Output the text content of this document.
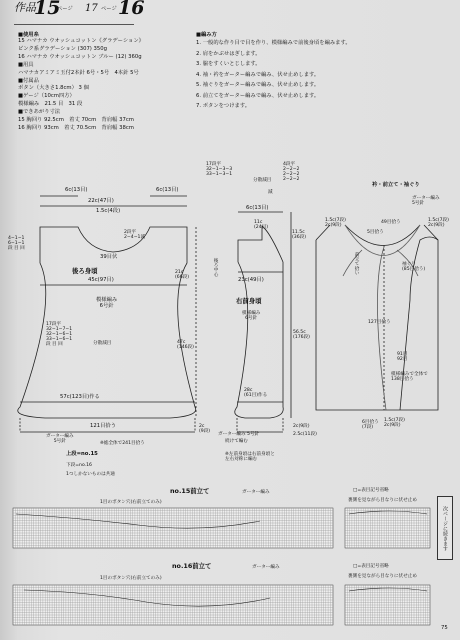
作品
15
ページ 17 16
ページ
■使用糸
15 ハマナカ ウオッシュコットン《グラデーション》
ピンク系グラデーション (307) 350g
16 ハマナカ ウオッシュコットン ブルー (12) 360g
■用具
ハマナカアミアミ玉付2本針 6号・5号　4本針 5号
■付属品
ボタン（大きさ1.8cm） 3 個
■ゲージ（10cm四方）
模様編み　21.5 目　31 段
■できあがり寸法
15 胸回り 92.5cm　着丈 70cm　背肩幅 37cm
16 胸回り 93cm　着丈 70.5cm　背肩幅 38cm
■編み方
1. 一般的な作り目で目を作り、模様編みで前後身頃を編みます。
2. 肩をかぶせはぎします。
3. 脇をすくいとじします。
4. 袖・衿をガーター編みで編み、伏せ止めします。
5. 袖ぐりをガーター編みで編み、伏せ止めします。
6. 前立てをガーター編みで編み、伏せ止めします。
7. ボタンをつけます。
6c(13目)	6c(13目)
22c(47目)
1.5c(4段)
39目伏
2段平
2−4−1減
後ろ身頃
45c(97目)
模様編み
6号針
4−1−1
6−1−1
段 目 回
17段平
32−1−7−1
32−1−6−1
33−1−6−1
段 目 回	分散減目
57c(123目)作る
121目拾う
ガーター編み
5号針	※総全体で241目拾う
2c
(9段)
21c
(66段)
47c
(146段)
後ろ中心
17段平
32−1−3−3
33−1−3−1
分散減目
4段平
2−2−2
2−2−2
2−2−2
減
6c(13目)
11c
(24目)
11.5c
(36段)
23c(49目)
右前身頃
模様編み
6号針
56.5c
(176段)
28c
(61目)作る
2c(9段)
2.5c(11段)
ガーター編み 5号針
※左前身頃は右前身頃と
左右対称に編む
続けて編む
衿・前立て・袖ぐり
ガーター編み
5号針
1.5c(7段)
2c(9段)
1.5c(7段)
2c(9段)
49目拾う
5目拾う
前立て拾い	袖ぐり
(85目拾う)
127目拾う
91目
92目
模様編みで全体で
138目拾う
6目拾う
(7段)
1.5c(7段)
2c(9段)
上段=no.15
下段=no.16
1つしかないものは共通
no.15前立て	ガーター編み
1目のボタン穴(右前立てのみ)
□=表目記号省略
裏側を見ながら目なりに伏せ止め
no.16前立て	ガーター編み
1目のボタン穴(右前立てのみ)
□=表目記号省略
裏側を見ながら目なりに伏せ止め
次ページに続きます
75
